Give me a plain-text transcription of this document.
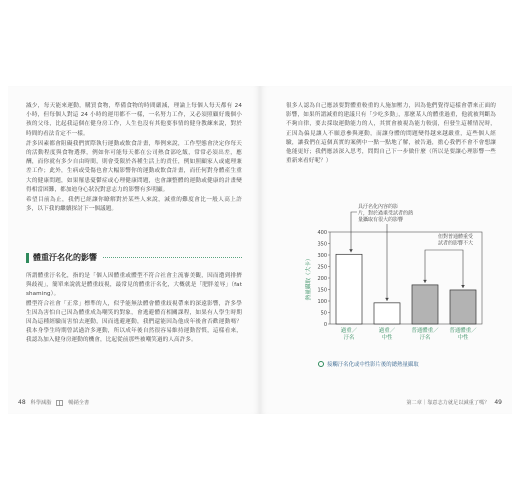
滅少，每天能來運動，購買食物，準備食物的時間嚴減，理論上每個人每天都有 24 小時，但每個人對這 24 小時的運用都不一樣，一名努力工作，又必須照顧好幾個小孩的父母，比起我這個在健身房工作，人生也沒有其他要事情的健身教練來說，對於時間的看法肯定不一樣。

許多因素都會阻礙我們實際執行運動或飲食計畫，舉例來說，工作型態會決定你每天的活動程度與食物選擇，例如你可能每天都在公司熱食部吃飯，常常必須出差，應酬，而你就有多少自由時間，則會受限於各種生活上的責任，例如照顧家人或處理兼差工作；此外，生病或受傷也會大幅影響你的運動或飲食計畫，而任何對身體產生重大的健康問題，如果罹患憂鬱症或心理健康問題，也會讓整體的運動或健康的計畫變得相當困難，都加迪身心狀況對意志力的影響有多明顯。

希望目前為止，我們已經讓你瞭解對於某些人來說，減重的難度會比一般人高上許多，以下我的繼續探討下一個議題。

體重汙名化的影響

所謂體重汙名化，指的是「個人因體重或體型不符合社會主流審美觀，因而遭到排擠與歧視」，簡單來說就是體重歧視，最常見的體重汙名化，大概就是「肥胖羞辱」（fat shaming）。

體型符合社會「正常」標準的人，似乎能無法體會體重歧視帶來的深遠影響，許多學生因為害怕自己因為體重成為嘲笑的對象，會逃避體育相關課程，如果有人學生時期因為這種經驗而害怕去運動，因而逃避運動，我們還能因為他成年後會否歡運動嗎？我本身學生時期曾試過許多運動，所以成年後自然很容易維持運動習慣，這樣看來，我認為加入健身房運動的機會，比起從前那些被嘲笑過的人高許多。

48 科學減脂	暢銷全書

很多人認為自己應該要對體重較重的人施加壓力，因為他們覺得這樣會帶來正面的影響，如果所謂減重的建議只有「少吃多動」，那麼某人的體重過重，他就被判斷為不夠自律，要去採取運動能力的人，其實會被視為能力較弱，但發生這種情況時，正因為偏見讓人不願意參與運動，而讓身體的問題變得越來越嚴重，這些個人經驗，讓我們在這個真實的案例中一點一點地了解，被告過，擔心我們不會不會想讓他能更好；我們應該深入思考，問問自己下一步做什麼（所以是要讓心理影響一些重新來看好呢？）

0
50
100
150
200
250
300
350
400
熱量攝取（大卡）
過重／
汙名
過重／
中性
普通體重／
汙名
普通體重／
中性
具汙名化內容的影
片，對於過重受試者的熱
量攝取有很大的影響
但對普通體重受
試者的影響不大
接觸汙名化或中性影片後的總熱量攝取
第二章｜靠意志力就足以減重了嗎？ 49
